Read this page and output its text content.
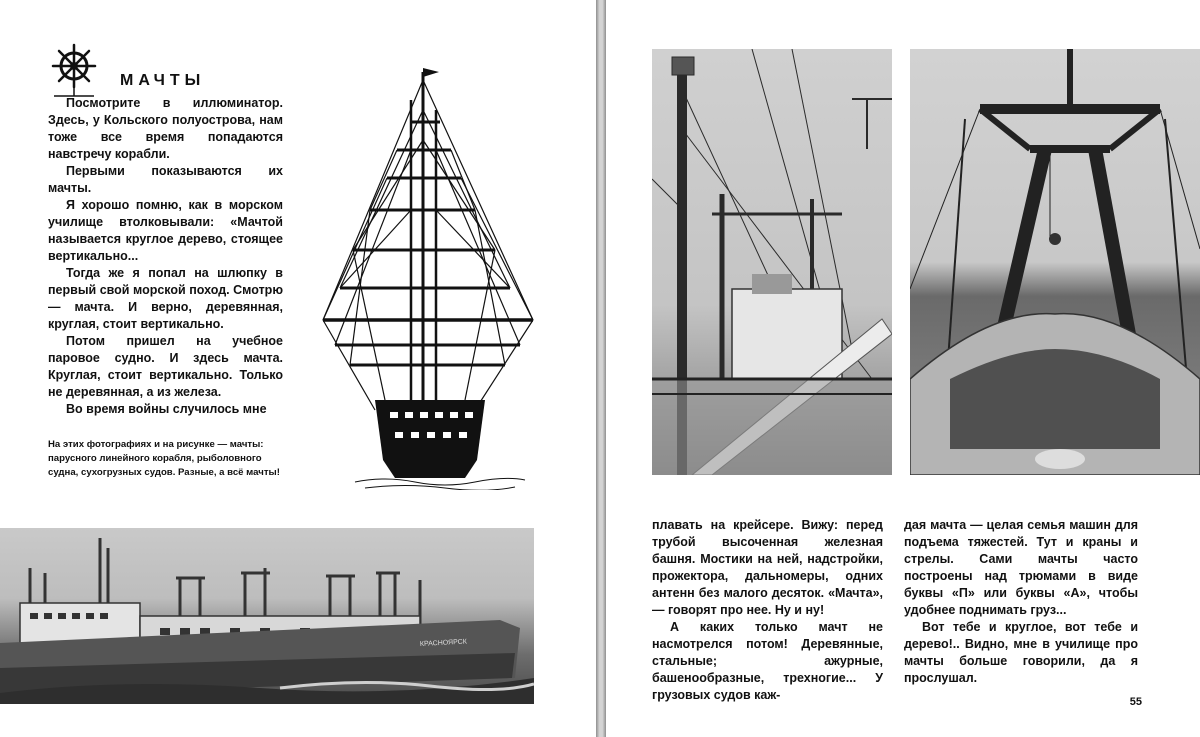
МАЧТЫ

Посмотрите в иллюминатор. Здесь, у Кольского полуострова, нам тоже все время попадаются навстречу корабли.

Первыми показываются их мачты.

Я хорошо помню, как в морском училище втолковывали: «Мачтой называется круглое дерево, стоящее вертикально...

Тогда же я попал на шлюпку в первый свой морской поход. Смотрю — мачта. И верно, деревянная, круглая, стоит вертикально.

Потом пришел на учебное паровое судно. И здесь мачта. Круглая, стоит вертикально. Только не деревянная, а из железа.

Во время войны случилось мне

На этих фотографиях и на рисунке — мачты: парусного линейного корабля, рыболовного судна, сухогрузных судов. Разные, а всё мачты!
КРАСНОЯРСК

плавать на крейсере. Вижу: перед трубой высоченная железная башня. Мостики на ней, надстройки, прожектора, дальномеры, одних антенн без малого десяток. «Мачта»,— говорят про нее. Ну и ну!

А каких только мачт не насмотрелся потом! Деревянные, стальные; ажурные, башенообразные, трехногие... У грузовых судов каж-

дая мачта — целая семья машин для подъема тяжестей. Тут и краны и стрелы. Сами мачты часто построены над трюмами в виде буквы «П» или буквы «А», чтобы удобнее поднимать груз...

Вот тебе и круглое, вот тебе и дерево!.. Видно, мне в училище про мачты больше говорили, да я прослушал.

55
